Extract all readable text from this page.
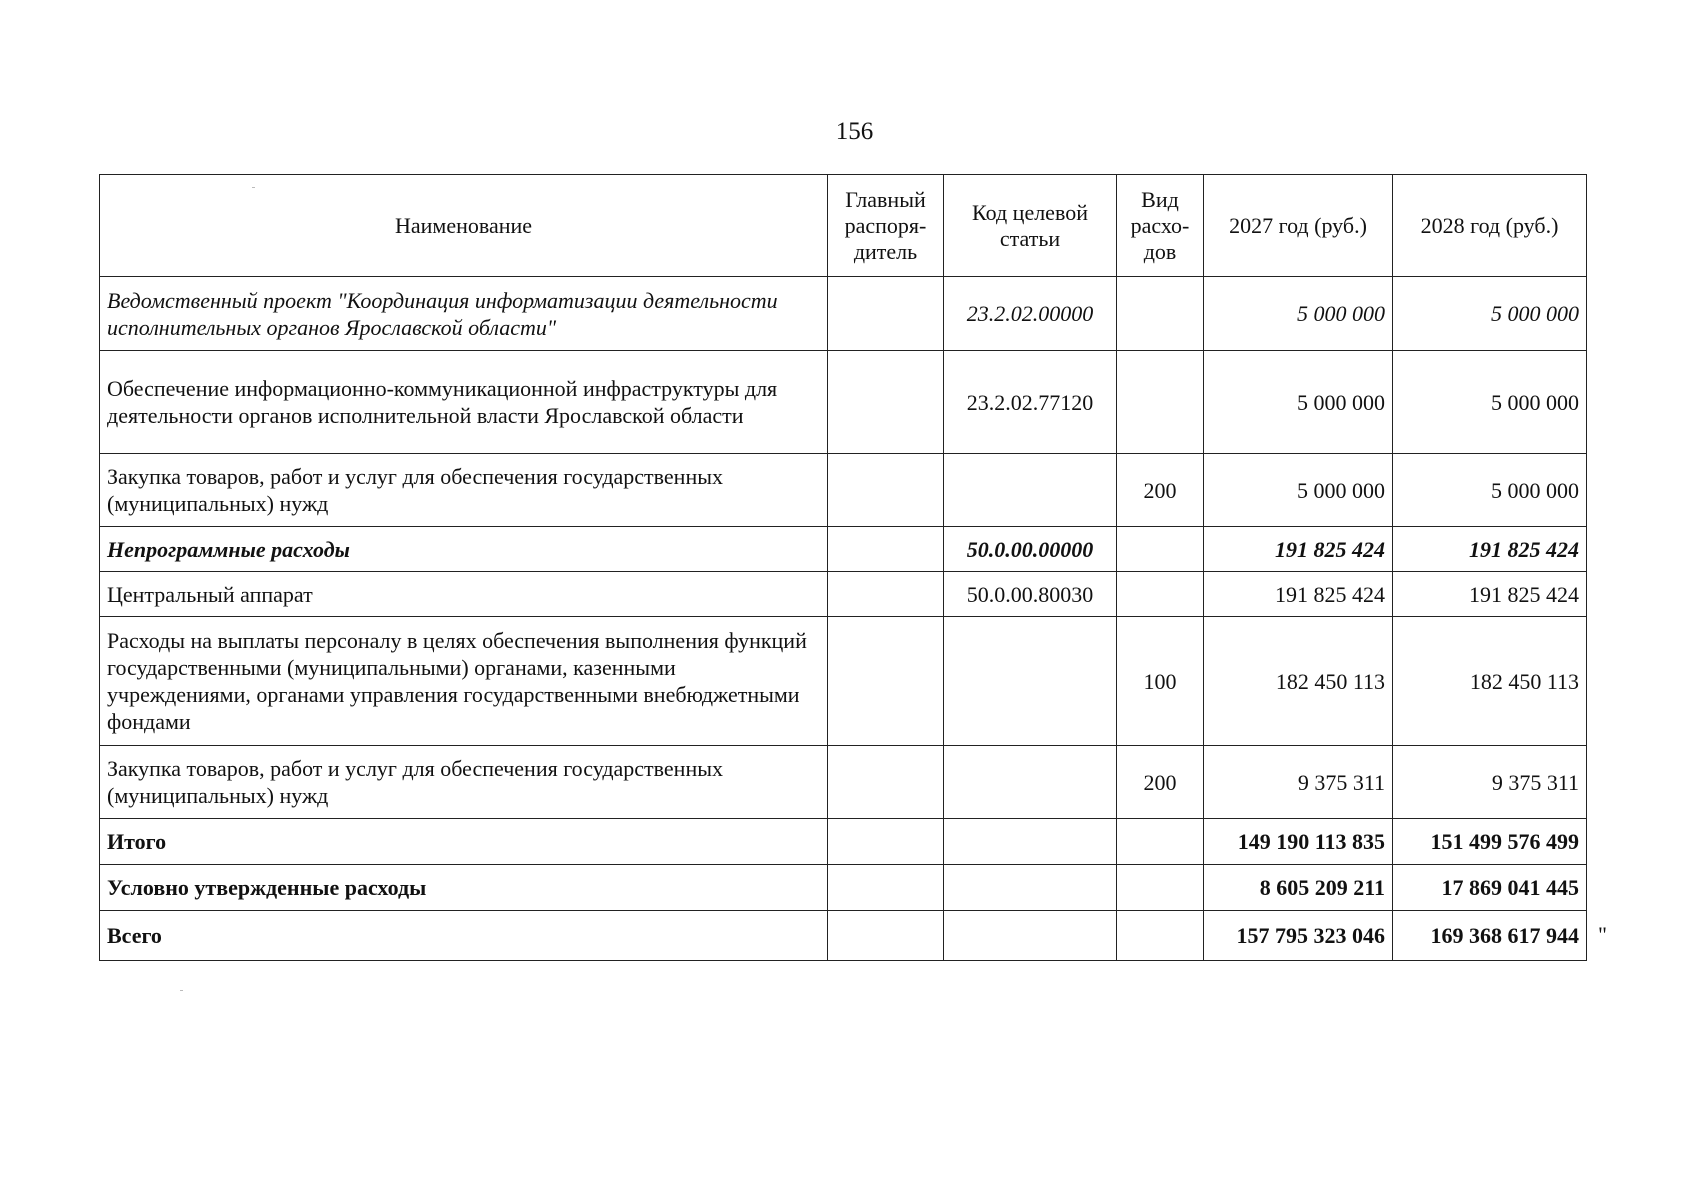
156
Наименование	Главный распоря-дитель	Код целевой статьи	Вид расхо-дов	2027 год (руб.)	2028 год (руб.)
Ведомственный проект "Координация информатизации деятельности исполнительных органов Ярославской области"		23.2.02.00000		5 000 000	5 000 000
Обеспечение информационно-коммуникационной инфраструктуры для деятельности органов исполнительной власти Ярославской области		23.2.02.77120		5 000 000	5 000 000
Закупка товаров, работ и услуг для обеспечения государственных (муниципальных) нужд			200	5 000 000	5 000 000
Непрограммные расходы		50.0.00.00000		191 825 424	191 825 424
Центральный аппарат		50.0.00.80030		191 825 424	191 825 424
Расходы на выплаты персоналу в целях обеспечения выполнения функций государственными (муниципальными) органами, казенными учреждениями, органами управления государственными внебюджетными фондами			100	182 450 113	182 450 113
Закупка товаров, работ и услуг для обеспечения государственных (муниципальных) нужд			200	9 375 311	9 375 311
Итого				149 190 113 835	151 499 576 499
Условно утвержденные расходы				8 605 209 211	17 869 041 445
Всего				157 795 323 046	169 368 617 944 "
